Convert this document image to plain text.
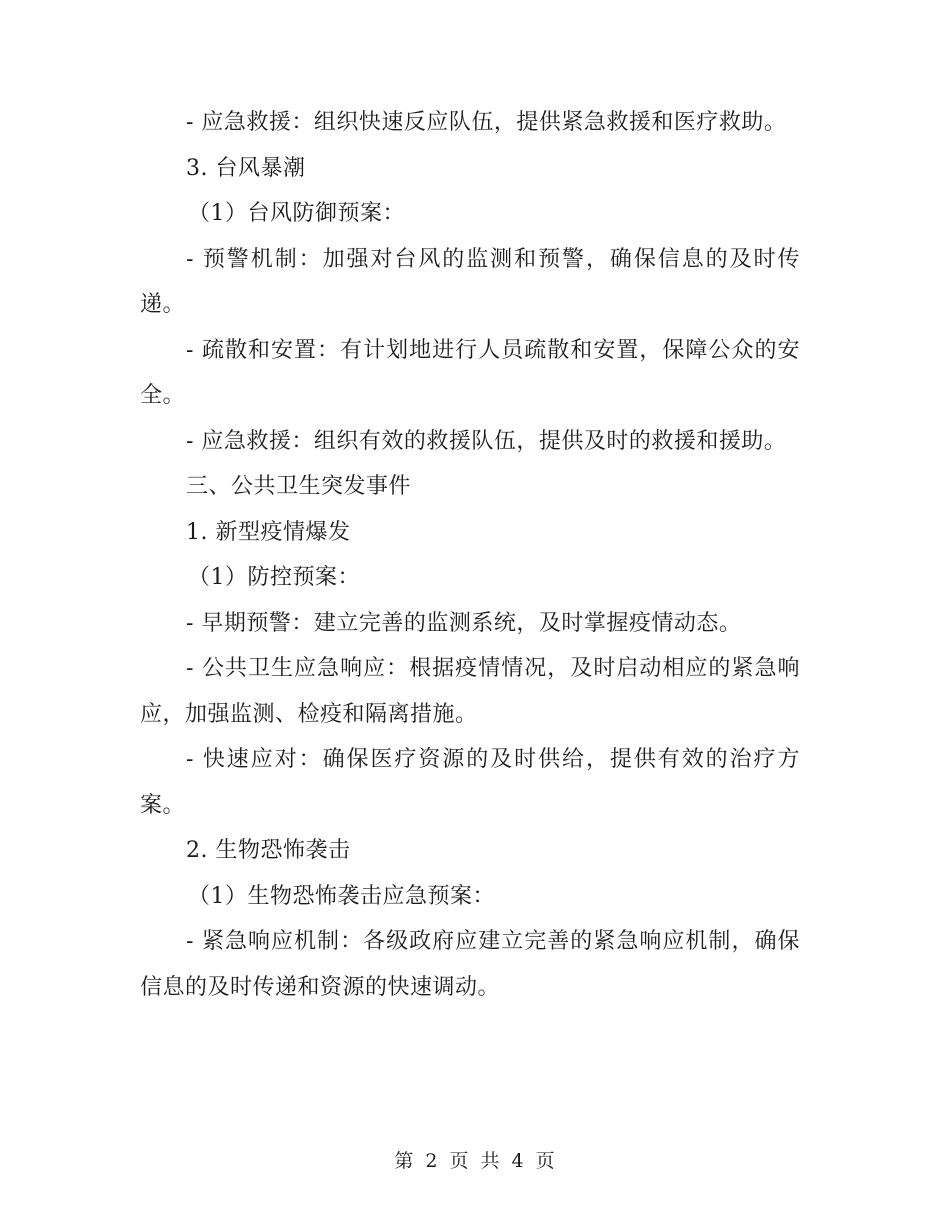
- 应急救援：组织快速反应队伍，提供紧急救援和医疗救助。

3. 台风暴潮

（1）台风防御预案：

- 预警机制：加强对台风的监测和预警，确保信息的及时传递。

- 疏散和安置：有计划地进行人员疏散和安置，保障公众的安全。

- 应急救援：组织有效的救援队伍，提供及时的救援和援助。

三、公共卫生突发事件

1. 新型疫情爆发

（1）防控预案：

- 早期预警：建立完善的监测系统，及时掌握疫情动态。

- 公共卫生应急响应：根据疫情情况，及时启动相应的紧急响应，加强监测、检疫和隔离措施。

- 快速应对：确保医疗资源的及时供给，提供有效的治疗方案。

2. 生物恐怖袭击

（1）生物恐怖袭击应急预案：

- 紧急响应机制：各级政府应建立完善的紧急响应机制，确保信息的及时传递和资源的快速调动。

第 2 页 共 4 页
